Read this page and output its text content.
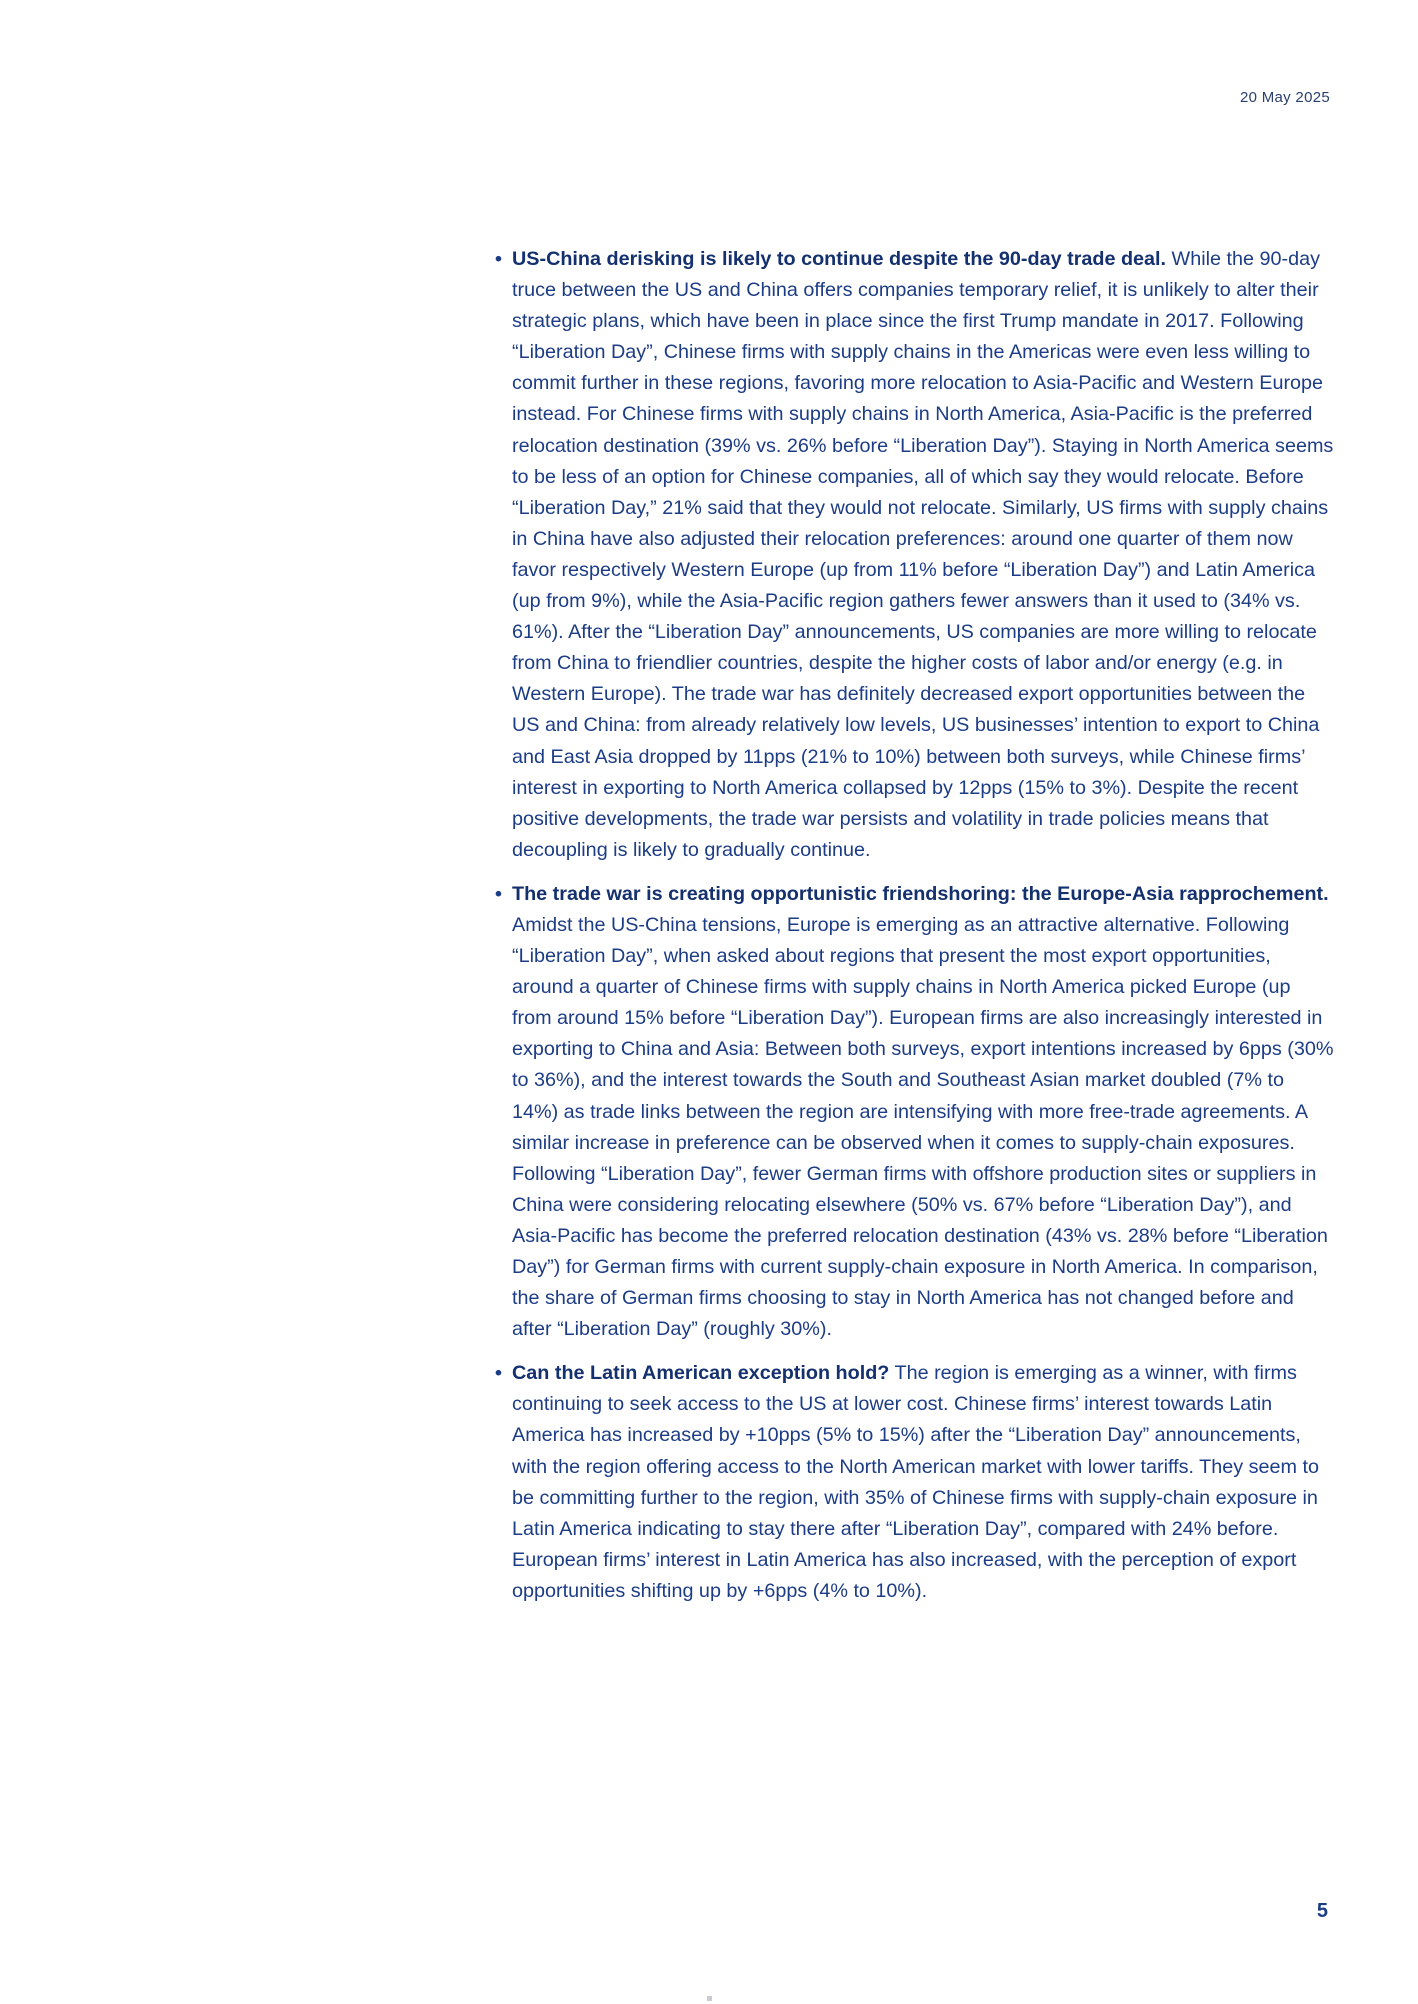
20 May 2025

• US-China derisking is likely to continue despite the 90-day trade deal. While the 90-day truce between the US and China offers companies temporary relief, it is unlikely to alter their strategic plans, which have been in place since the first Trump mandate in 2017. Following “Liberation Day”, Chinese firms with supply chains in the Americas were even less willing to commit further in these regions, favoring more relocation to Asia-Pacific and Western Europe instead. For Chinese firms with supply chains in North America, Asia-Pacific is the preferred relocation destination (39% vs. 26% before “Liberation Day”). Staying in North America seems to be less of an option for Chinese companies, all of which say they would relocate. Before “Liberation Day,” 21% said that they would not relocate. Similarly, US firms with supply chains in China have also adjusted their relocation preferences: around one quarter of them now favor respectively Western Europe (up from 11% before “Liberation Day”) and Latin America (up from 9%), while the Asia-Pacific region gathers fewer answers than it used to (34% vs. 61%). After the “Liberation Day” announcements, US companies are more willing to relocate from China to friendlier countries, despite the higher costs of labor and/or energy (e.g. in Western Europe). The trade war has definitely decreased export opportunities between the US and China: from already relatively low levels, US businesses’ intention to export to China and East Asia dropped by 11pps (21% to 10%) between both surveys, while Chinese firms’ interest in exporting to North America collapsed by 12pps (15% to 3%). Despite the recent positive developments, the trade war persists and volatility in trade policies means that decoupling is likely to gradually continue.

• The trade war is creating opportunistic friendshoring: the Europe-Asia rapprochement. Amidst the US-China tensions, Europe is emerging as an attractive alternative. Following “Liberation Day”, when asked about regions that present the most export opportunities, around a quarter of Chinese firms with supply chains in North America picked Europe (up from around 15% before “Liberation Day”). European firms are also increasingly interested in exporting to China and Asia: Between both surveys, export intentions increased by 6pps (30% to 36%), and the interest towards the South and Southeast Asian market doubled (7% to 14%) as trade links between the region are intensifying with more free-trade agreements. A similar increase in preference can be observed when it comes to supply-chain exposures. Following “Liberation Day”, fewer German firms with offshore production sites or suppliers in China were considering relocating elsewhere (50% vs. 67% before “Liberation Day”), and Asia-Pacific has become the preferred relocation destination (43% vs. 28% before “Liberation Day”) for German firms with current supply-chain exposure in North America. In comparison, the share of German firms choosing to stay in North America has not changed before and after “Liberation Day” (roughly 30%).

• Can the Latin American exception hold? The region is emerging as a winner, with firms continuing to seek access to the US at lower cost. Chinese firms’ interest towards Latin America has increased by +10pps (5% to 15%) after the “Liberation Day” announcements, with the region offering access to the North American market with lower tariffs. They seem to be committing further to the region, with 35% of Chinese firms with supply-chain exposure in Latin America indicating to stay there after “Liberation Day”, compared with 24% before. European firms’ interest in Latin America has also increased, with the perception of export opportunities shifting up by +6pps (4% to 10%).

5
